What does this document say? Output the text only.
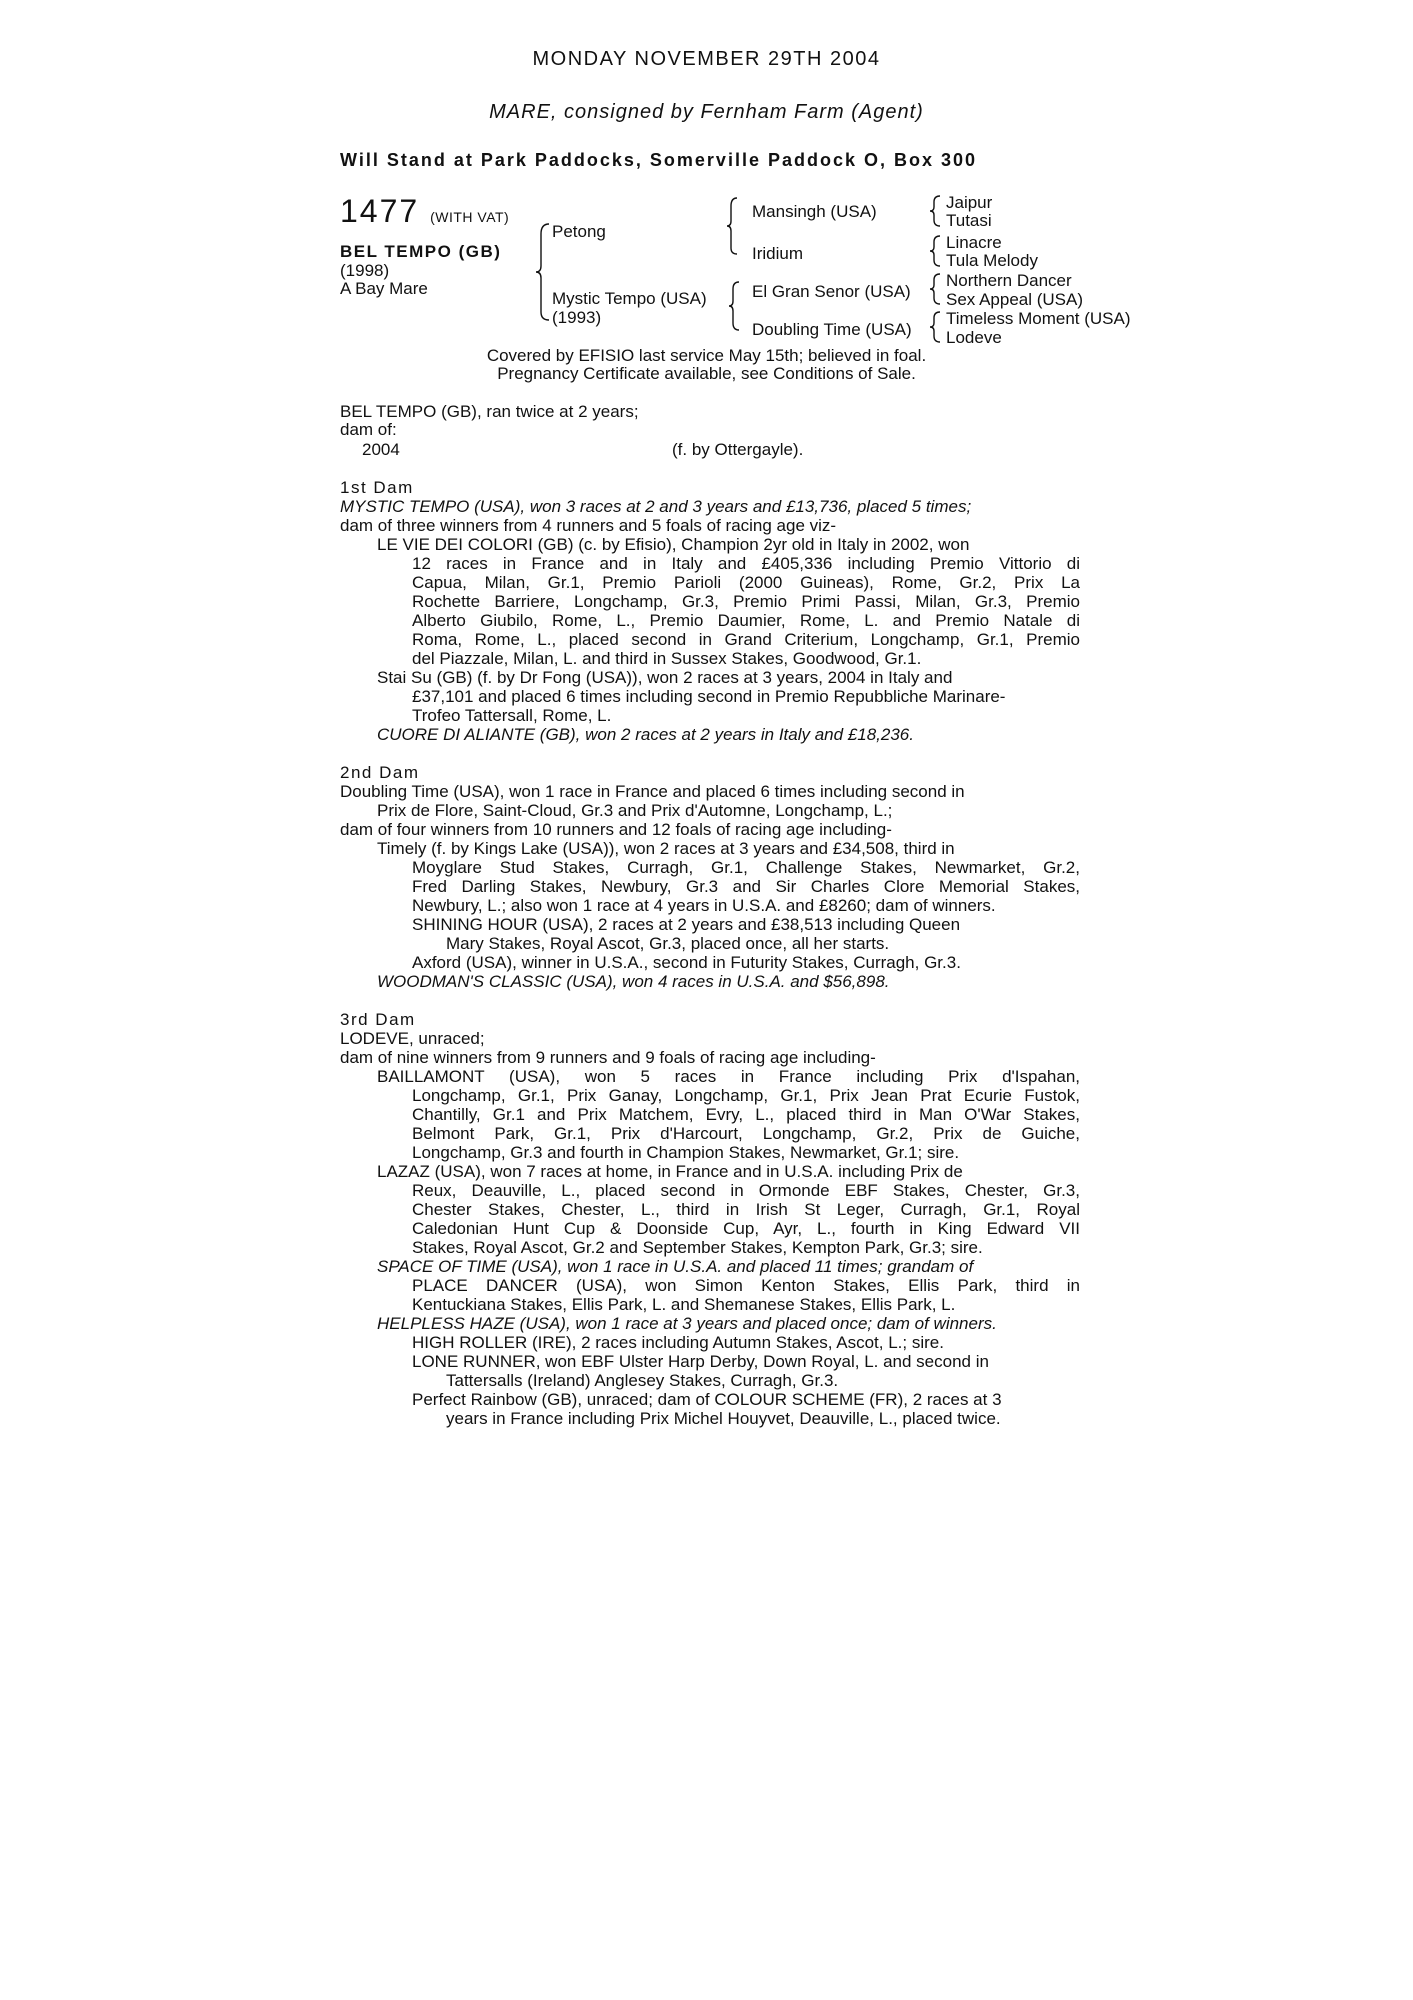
MONDAY NOVEMBER 29TH 2004
MARE, consigned by Fernham Farm (Agent)
Will Stand at Park Paddocks, Somerville Paddock O, Box 300
1477 (WITH VAT)
BEL TEMPO (GB)
(1998)
A Bay Mare
Petong
Mystic Tempo (USA)
(1993)
Mansingh (USA)
Iridium
El Gran Senor (USA)
Doubling Time (USA)
Jaipur
Tutasi
Linacre
Tula Melody
Northern Dancer
Sex Appeal (USA)
Timeless Moment (USA)
Lodeve
Covered by EFISIO last service May 15th; believed in foal.
Pregnancy Certificate available, see Conditions of Sale.
BEL TEMPO (GB), ran twice at 2 years;
dam of:
2004	(f. by Ottergayle).
1st Dam
MYSTIC TEMPO (USA), won 3 races at 2 and 3 years and £13,736, placed 5 times;
dam of three winners from 4 runners and 5 foals of racing age viz-
LE VIE DEI COLORI (GB) (c. by Efisio), Champion 2yr old in Italy in 2002, won
12 races in France and in Italy and £405,336 including Premio Vittorio di
Capua, Milan, Gr.1, Premio Parioli (2000 Guineas), Rome, Gr.2, Prix La
Rochette Barriere, Longchamp, Gr.3, Premio Primi Passi, Milan, Gr.3, Premio
Alberto Giubilo, Rome, L., Premio Daumier, Rome, L. and Premio Natale di
Roma, Rome, L., placed second in Grand Criterium, Longchamp, Gr.1, Premio
del Piazzale, Milan, L. and third in Sussex Stakes, Goodwood, Gr.1.
Stai Su (GB) (f. by Dr Fong (USA)), won 2 races at 3 years, 2004 in Italy and
£37,101 and placed 6 times including second in Premio Repubbliche Marinare-
Trofeo Tattersall, Rome, L.
CUORE DI ALIANTE (GB), won 2 races at 2 years in Italy and £18,236.
2nd Dam
Doubling Time (USA), won 1 race in France and placed 6 times including second in
Prix de Flore, Saint-Cloud, Gr.3 and Prix d'Automne, Longchamp, L.;
dam of four winners from 10 runners and 12 foals of racing age including-
Timely (f. by Kings Lake (USA)), won 2 races at 3 years and £34,508, third in
Moyglare Stud Stakes, Curragh, Gr.1, Challenge Stakes, Newmarket, Gr.2,
Fred Darling Stakes, Newbury, Gr.3 and Sir Charles Clore Memorial Stakes,
Newbury, L.; also won 1 race at 4 years in U.S.A. and £8260; dam of winners.
SHINING HOUR (USA), 2 races at 2 years and £38,513 including Queen
Mary Stakes, Royal Ascot, Gr.3, placed once, all her starts.
Axford (USA), winner in U.S.A., second in Futurity Stakes, Curragh, Gr.3.
WOODMAN'S CLASSIC (USA), won 4 races in U.S.A. and $56,898.
3rd Dam
LODEVE, unraced;
dam of nine winners from 9 runners and 9 foals of racing age including-
BAILLAMONT (USA), won 5 races in France including Prix d'Ispahan,
Longchamp, Gr.1, Prix Ganay, Longchamp, Gr.1, Prix Jean Prat Ecurie Fustok,
Chantilly, Gr.1 and Prix Matchem, Evry, L., placed third in Man O'War Stakes,
Belmont Park, Gr.1, Prix d'Harcourt, Longchamp, Gr.2, Prix de Guiche,
Longchamp, Gr.3 and fourth in Champion Stakes, Newmarket, Gr.1; sire.
LAZAZ (USA), won 7 races at home, in France and in U.S.A. including Prix de
Reux, Deauville, L., placed second in Ormonde EBF Stakes, Chester, Gr.3,
Chester Stakes, Chester, L., third in Irish St Leger, Curragh, Gr.1, Royal
Caledonian Hunt Cup & Doonside Cup, Ayr, L., fourth in King Edward VII
Stakes, Royal Ascot, Gr.2 and September Stakes, Kempton Park, Gr.3; sire.
SPACE OF TIME (USA), won 1 race in U.S.A. and placed 11 times; grandam of
PLACE DANCER (USA), won Simon Kenton Stakes, Ellis Park, third in
Kentuckiana Stakes, Ellis Park, L. and Shemanese Stakes, Ellis Park, L.
HELPLESS HAZE (USA), won 1 race at 3 years and placed once; dam of winners.
HIGH ROLLER (IRE), 2 races including Autumn Stakes, Ascot, L.; sire.
LONE RUNNER, won EBF Ulster Harp Derby, Down Royal, L. and second in
Tattersalls (Ireland) Anglesey Stakes, Curragh, Gr.3.
Perfect Rainbow (GB), unraced; dam of COLOUR SCHEME (FR), 2 races at 3
years in France including Prix Michel Houyvet, Deauville, L., placed twice.
